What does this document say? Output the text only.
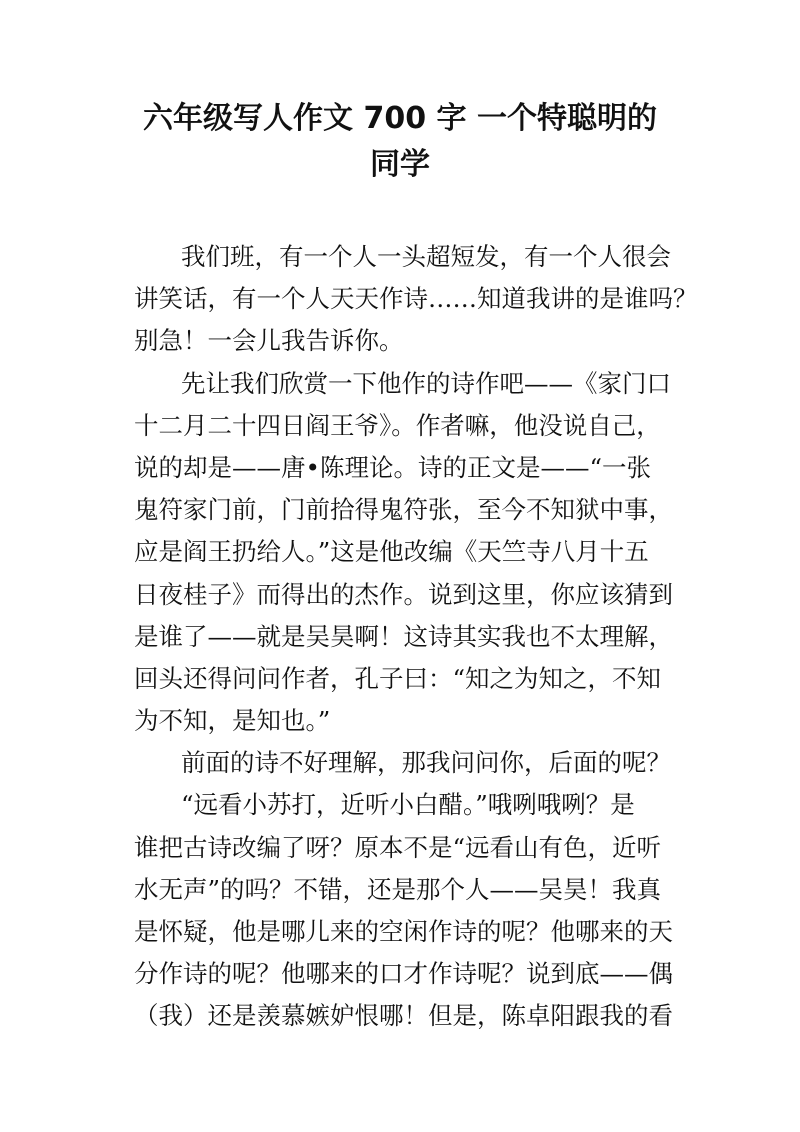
六年级写人作文 700 字 一个特聪明的
同学
我们班，有一个人一头超短发，有一个人很会
讲笑话，有一个人天天作诗……知道我讲的是谁吗？
别急！一会儿我告诉你。
先让我们欣赏一下他作的诗作吧——《家门口
十二月二十四日阎王爷》。作者嘛，他没说自己，
说的却是——唐•陈理论。诗的正文是——“一张
鬼符家门前，门前拾得鬼符张，至今不知狱中事，
应是阎王扔给人。”这是他改编《天竺寺八月十五
日夜桂子》而得出的杰作。说到这里，你应该猜到
是谁了——就是吴昊啊！这诗其实我也不太理解，
回头还得问问作者，孔子曰：“知之为知之，不知
为不知，是知也。”
前面的诗不好理解，那我问问你，后面的呢？
“远看小苏打，近听小白醋。”哦咧哦咧？是
谁把古诗改编了呀？原本不是“远看山有色，近听
水无声”的吗？不错，还是那个人——吴昊！我真
是怀疑，他是哪儿来的空闲作诗的呢？他哪来的天
分作诗的呢？他哪来的口才作诗呢？说到底——偶
（我）还是羡慕嫉妒恨哪！但是，陈卓阳跟我的看
